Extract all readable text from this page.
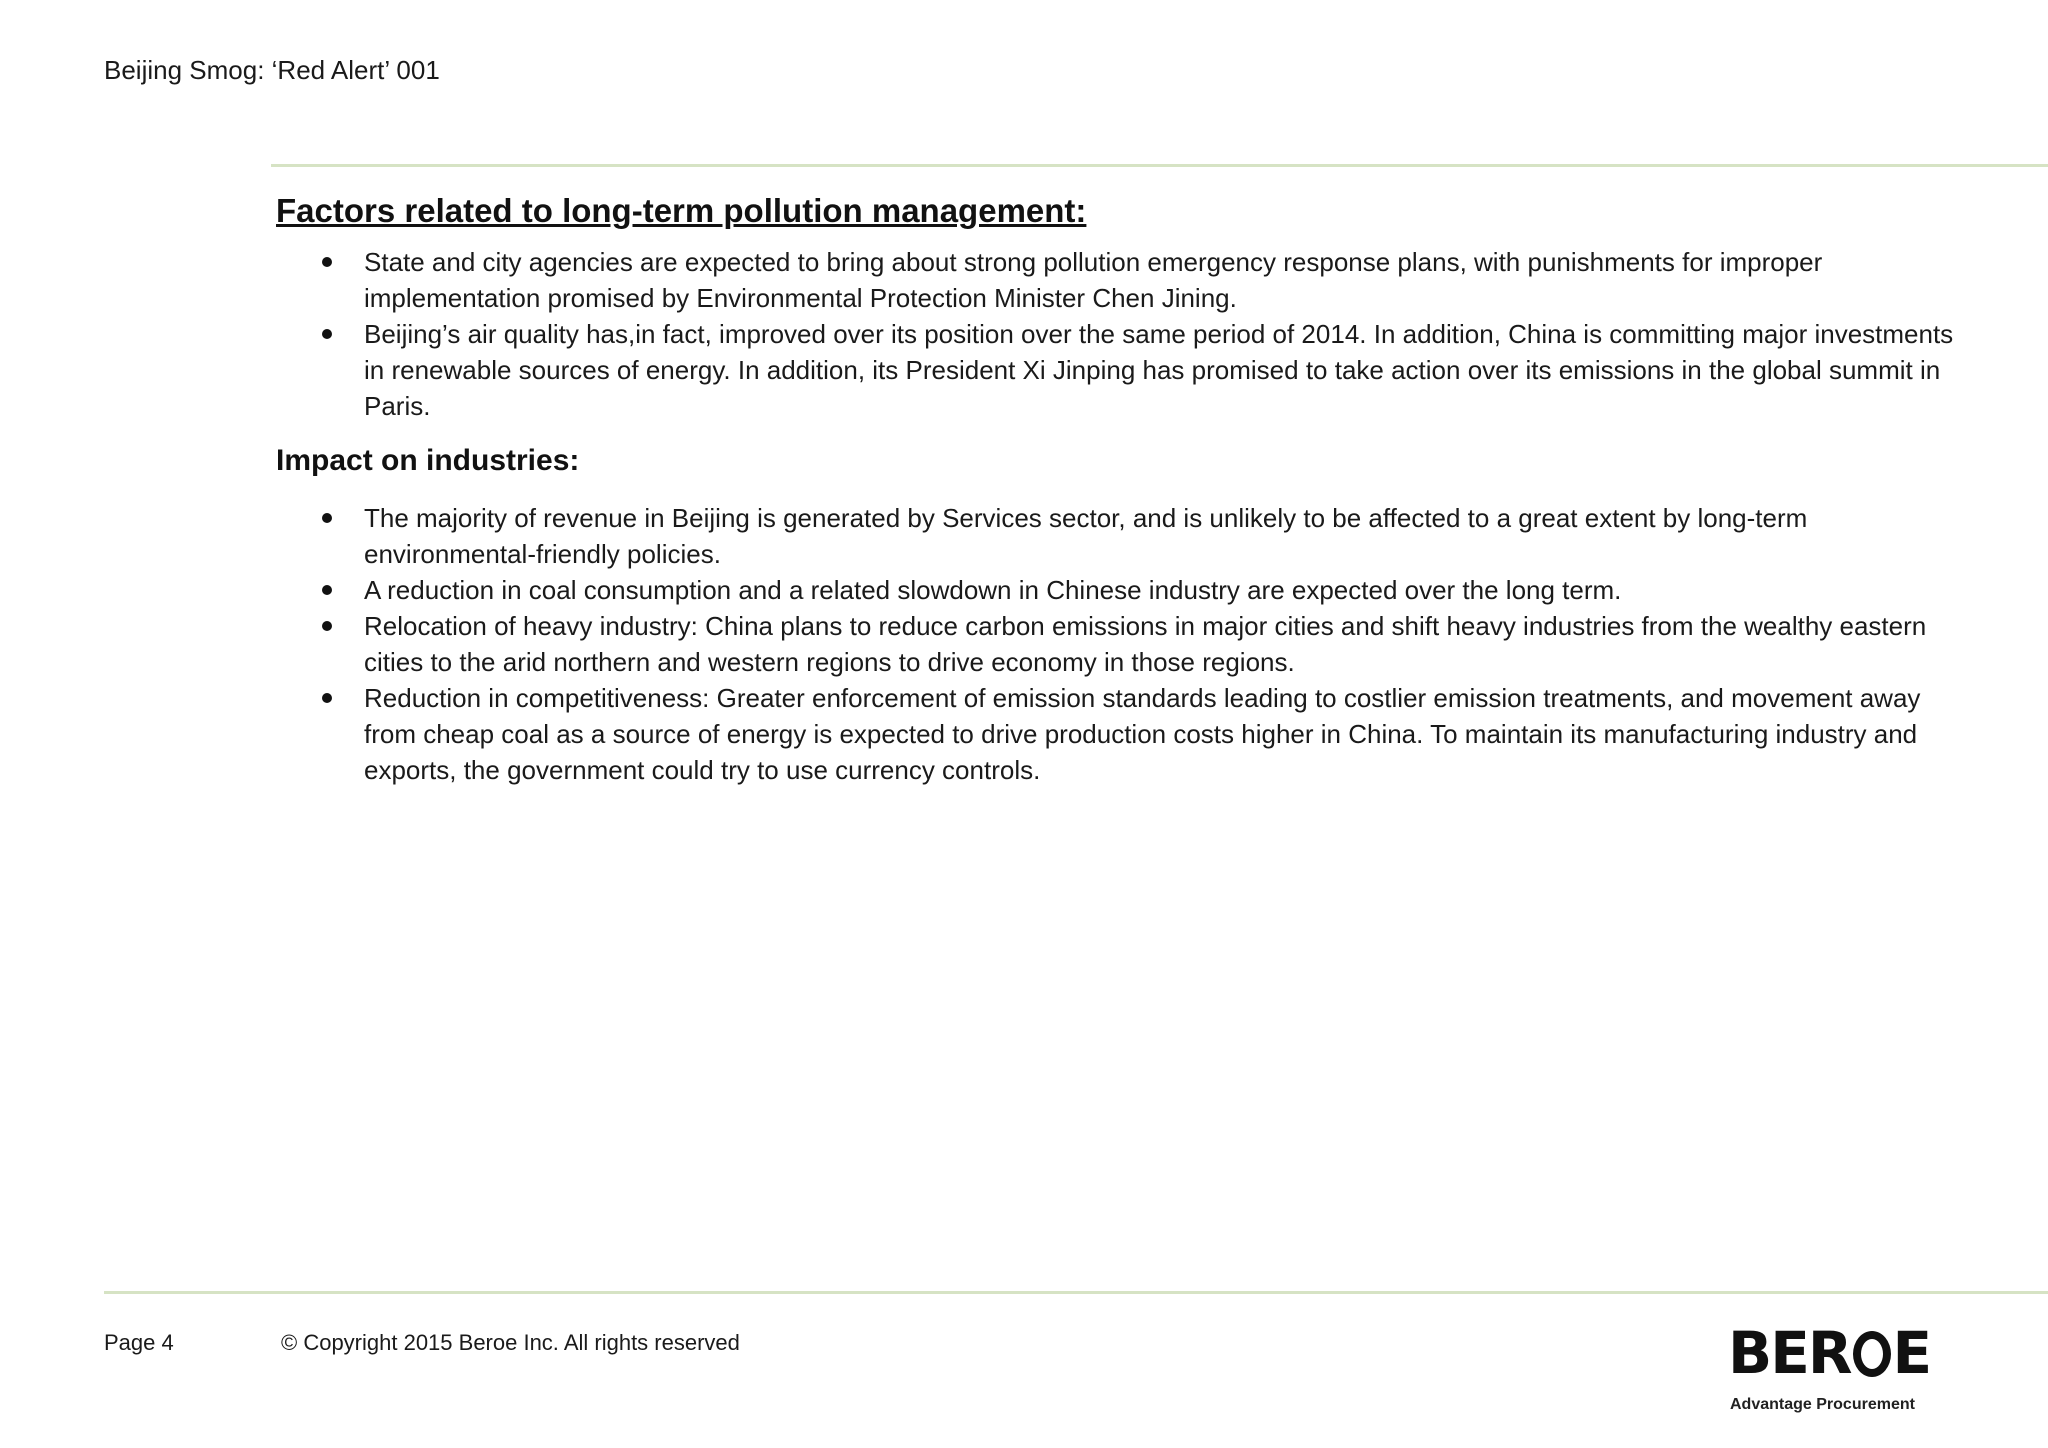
Beijing Smog: ‘Red Alert’ 001
Factors related to long-term pollution management:
State and city agencies are expected to bring about strong pollution emergency response plans, with punishments for improper implementation promised by Environmental Protection Minister Chen Jining.
Beijing’s air quality has,in fact, improved over its position over the same period of 2014. In addition, China is committing major investments in renewable sources of energy. In addition, its President Xi Jinping has promised to take action over its emissions in the global summit in Paris.
Impact on industries:
The majority of revenue in Beijing is generated by Services sector, and is unlikely to be affected to a great extent by long-term environmental-friendly policies.
A reduction in coal consumption and a related slowdown in Chinese industry are expected over the long term.
Relocation of heavy industry: China plans to reduce carbon emissions in major cities and shift heavy industries from the wealthy eastern cities to the arid northern and western regions to drive economy in those regions.
Reduction in competitiveness: Greater enforcement of emission standards leading to costlier emission treatments, and movement away from cheap coal as a source of energy is expected to drive production costs higher in China. To maintain its manufacturing industry and exports, the government could try to use currency controls.
Page 4	© Copyright 2015 Beroe Inc. All rights reserved	BER E
Advantage Procurement
